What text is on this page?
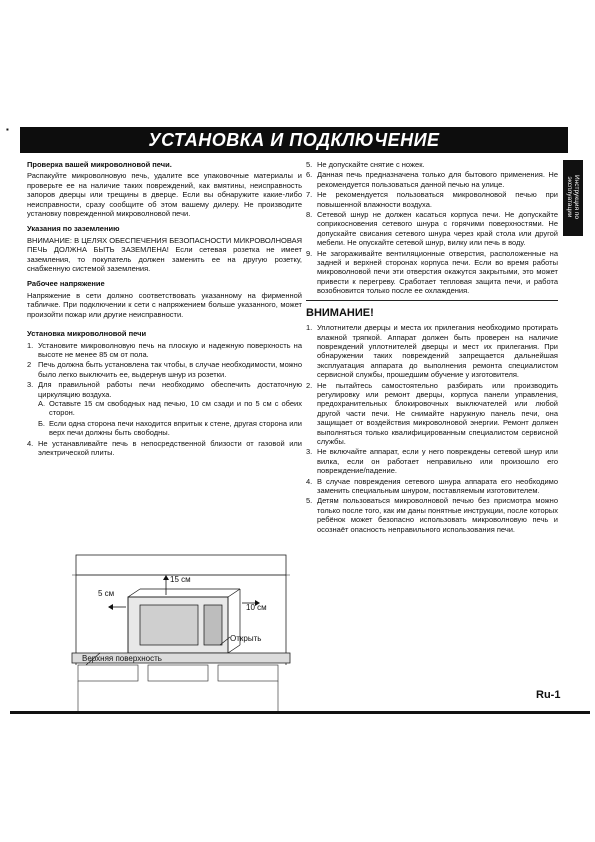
▪
УСТАНОВКА И ПОДКЛЮЧЕНИЕ
Инструкция по эксплуатации
Проверка вашей микроволновой печи.
Распакуйте микроволновую печь, удалите все упаковочные материалы и проверьте ее на наличие таких повреждений, как вмятины, неисправность запоров дверцы или трещины в дверце. Если вы обнаружите какие-либо неисправности, сразу сообщите об этом вашему дилеру. Не производите установку поврежденной микроволновой печи.
Указания по заземлению
ВНИМАНИЕ: В ЦЕЛЯХ ОБЕСПЕЧЕНИЯ БЕЗОПАСНОСТИ МИКРОВОЛНОВАЯ ПЕЧЬ ДОЛЖНА БЫТЬ ЗАЗЕМЛЕНА! Если сетевая розетка не имеет заземления, то покупатель должен заменить ее на другую розетку, снабженную системой заземления.
Рабочее напряжение
Напряжение в сети должно соответствовать указанному на фирменной табличке. При подключении к сети с напряжением больше указанного, может произойти пожар или другие неисправности.
Установка микроволновой печи
1. Установите микроволновую печь на плоскую и надежную поверхность на высоте не менее 85 см от пола.
2 Печь должна быть установлена так чтобы, в случае необходимости, можно было легко выключить ее, выдернув шнур из розетки.
3. Для правильной работы печи необходимо обеспечить достаточную циркуляцию воздуха.
А. Оставьте 15 см свободных над печью, 10 см сзади и по 5 см с обеих сторон.
Б. Если одна сторона печи находится впритык к стене, другая сторона или верх печи должны быть свободны.
4. Не устанавливайте печь в непосредственной близости от газовой или электрической плиты.
15 см
5 см
10 см
Открыть
Верхняя поверхность
5. Не допускайте снятие с ножек.
6. Данная печь предназначена только для бытового применения. Не рекомендуется пользоваться данной печью на улице.
7. Не рекомендуется пользоваться микроволновой печью при повышенной влажности воздуха.
8. Сетевой шнур не должен касаться корпуса печи. Не допускайте соприкосновения сетевого шнура с горячими поверхностями. Не допускайте свисания сетевого шнура через край стола или другой мебели. Не опускайте сетевой шнур, вилку или печь в воду.
9. Не загораживайте вентиляционные отверстия, расположенные на задней и верхней сторонах корпуса печи. Если во время работы микроволновой печи эти отверстия окажутся закрытыми, это может привести к перегреву. Сработает тепловая защита печи, и работа возобновится только после ее охлаждения.
ВНИМАНИЕ!
1. Уплотнители дверцы и места их прилегания необходимо протирать влажной тряпкой. Аппарат должен быть проверен на наличие повреждений уплотнителей дверцы и мест их прилегания. При обнаружении таких повреждений запрещается дальнейшая эксплуатация аппарата до выполнения ремонта специалистом сервисной службы, прошедшим обучение у изготовителя.
2. Не пытайтесь самостоятельно разбирать или производить регулировку или ремонт дверцы, корпуса панели управления, предохранительных блокировочных выключателей или любой другой части печи. Не снимайте наружную панель печи, она защищает от воздействия микроволновой энергии. Ремонт должен выполняться только квалифицированным специалистом сервисной службы.
3. Не включайте аппарат, если у него повреждены сетевой шнур или вилка, если он работает неправильно или произошло его повреждение/падение.
4. В случае повреждения сетевого шнура аппарата его необходимо заменить специальным шнуром, поставляемым изготовителем.
5. Детям пользоваться микроволновой печью без присмотра можно только после того, как им даны понятные инструкции, после которых ребёнок может безопасно использовать микроволновую печь и осознаёт опасность неправильного использования печи.
Ru-1
